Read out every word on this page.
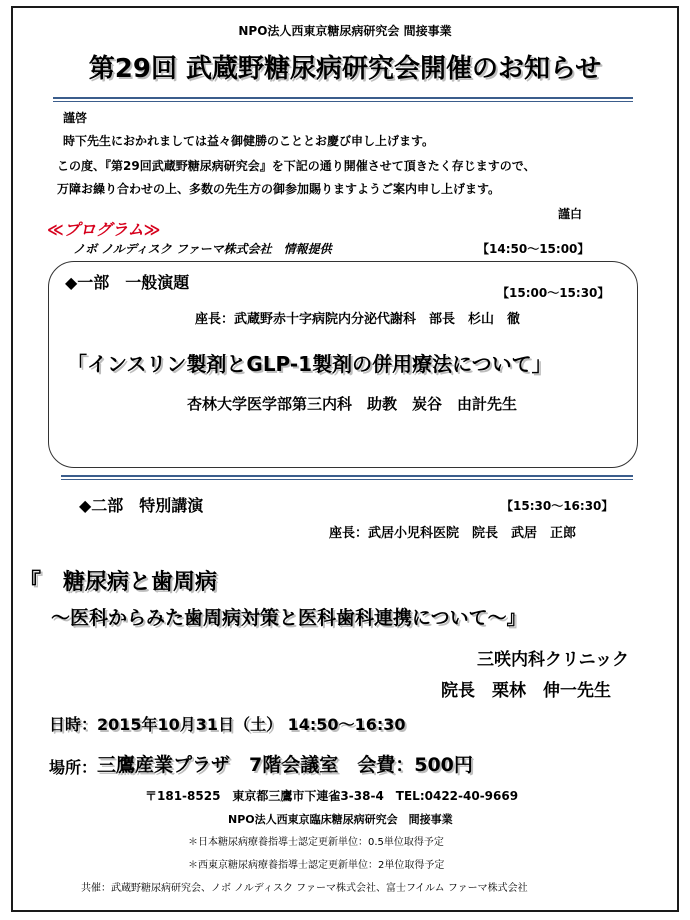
NPO法人西東京糖尿病研究会 間接事業
第29回 武蔵野糖尿病研究会開催のお知らせ
謹啓
時下先生におかれましては益々御健勝のこととお慶び申し上げます。
この度、『第29回武蔵野糖尿病研究会』を下記の通り開催させて頂きたく存じますので、
万障お繰り合わせの上、多数の先生方の御参加賜りますようご案内申し上げます。
謹白
≪プログラム≫
ノボ ノルディスク ファーマ株式会社　情報提供	【14:50～15:00】
◆一部　一般演題
【15:00～15:30】
座長：武蔵野赤十字病院内分泌代謝科　部長　杉山　徹
「インスリン製剤とGLP-1製剤の併用療法について」
杏林大学医学部第三内科　助教　炭谷　由計先生
◆二部　特別講演	【15:30～16:30】
座長：武居小児科医院　院長　武居　正郎
『　糖尿病と歯周病
～医科からみた歯周病対策と医科歯科連携について～』
三咲内科クリニック
院長　栗林　伸一先生
日時：2015年10月31日（土） 14:50～16:30
場所： 三鷹産業プラザ　7階会議室　会費：500円
〒181-8525　東京都三鷹市下連雀3-38-4　TEL:0422-40-9669
NPO法人西東京臨床糖尿病研究会　間接事業
＊日本糖尿病療養指導士認定更新単位：0.5単位取得予定
＊西東京糖尿病療養指導士認定更新単位：2単位取得予定
共催：武蔵野糖尿病研究会、ノボ ノルディスク ファーマ株式会社、富士フイルム ファーマ株式会社
